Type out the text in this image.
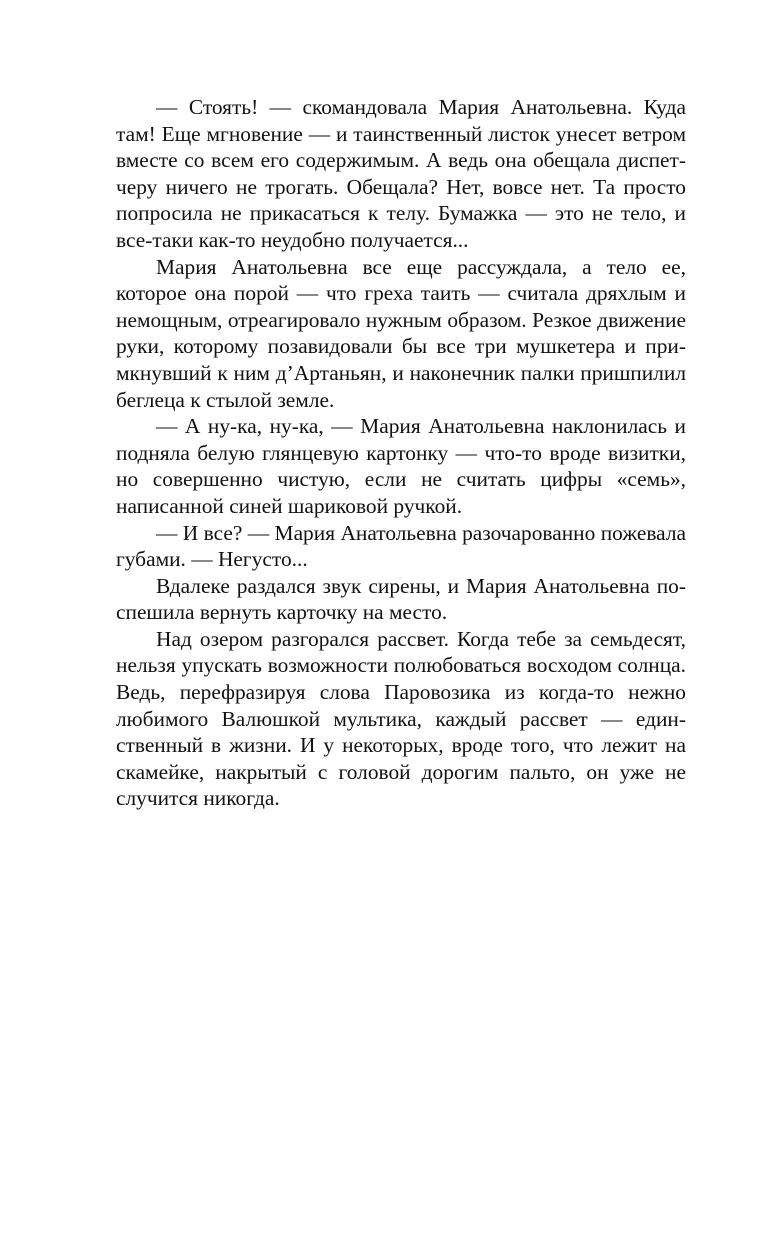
— Стоять! — скомандовала Мария Анатольевна. Куда там! Еще мгновение — и таинственный листок унесет ветром вместе со всем его содержимым. А ведь она обещала диспетчеру ничего не трогать. Обещала? Нет, вовсе нет. Та просто попросила не прикасаться к телу. Бумажка — это не тело, и все-таки как-то неудобно получается...

Мария Анатольевна все еще рассуждала, а тело ее, которое она порой — что греха таить — считала дряхлым и немощным, отреагировало нужным образом. Резкое движение руки, которому позавидовали бы все три мушкетера и примкнувший к ним д’Артаньян, и наконечник палки пришпилил беглеца к стылой земле.

— А ну-ка, ну-ка, — Мария Анатольевна наклонилась и подняла белую глянцевую картонку — что-то вроде визитки, но совершенно чистую, если не считать цифры «семь», написанной синей шариковой ручкой.

— И все? — Мария Анатольевна разочарованно пожевала губами. — Негусто...

Вдалеке раздался звук сирены, и Мария Анатольевна поспешила вернуть карточку на место.

Над озером разгорался рассвет. Когда тебе за семьдесят, нельзя упускать возможности полюбоваться восходом солнца. Ведь, перефразируя слова Паровозика из когда-то нежно любимого Валюшкой мультика, каждый рассвет — единственный в жизни. И у некоторых, вроде того, что лежит на скамейке, накрытый с головой дорогим пальто, он уже не случится никогда.
